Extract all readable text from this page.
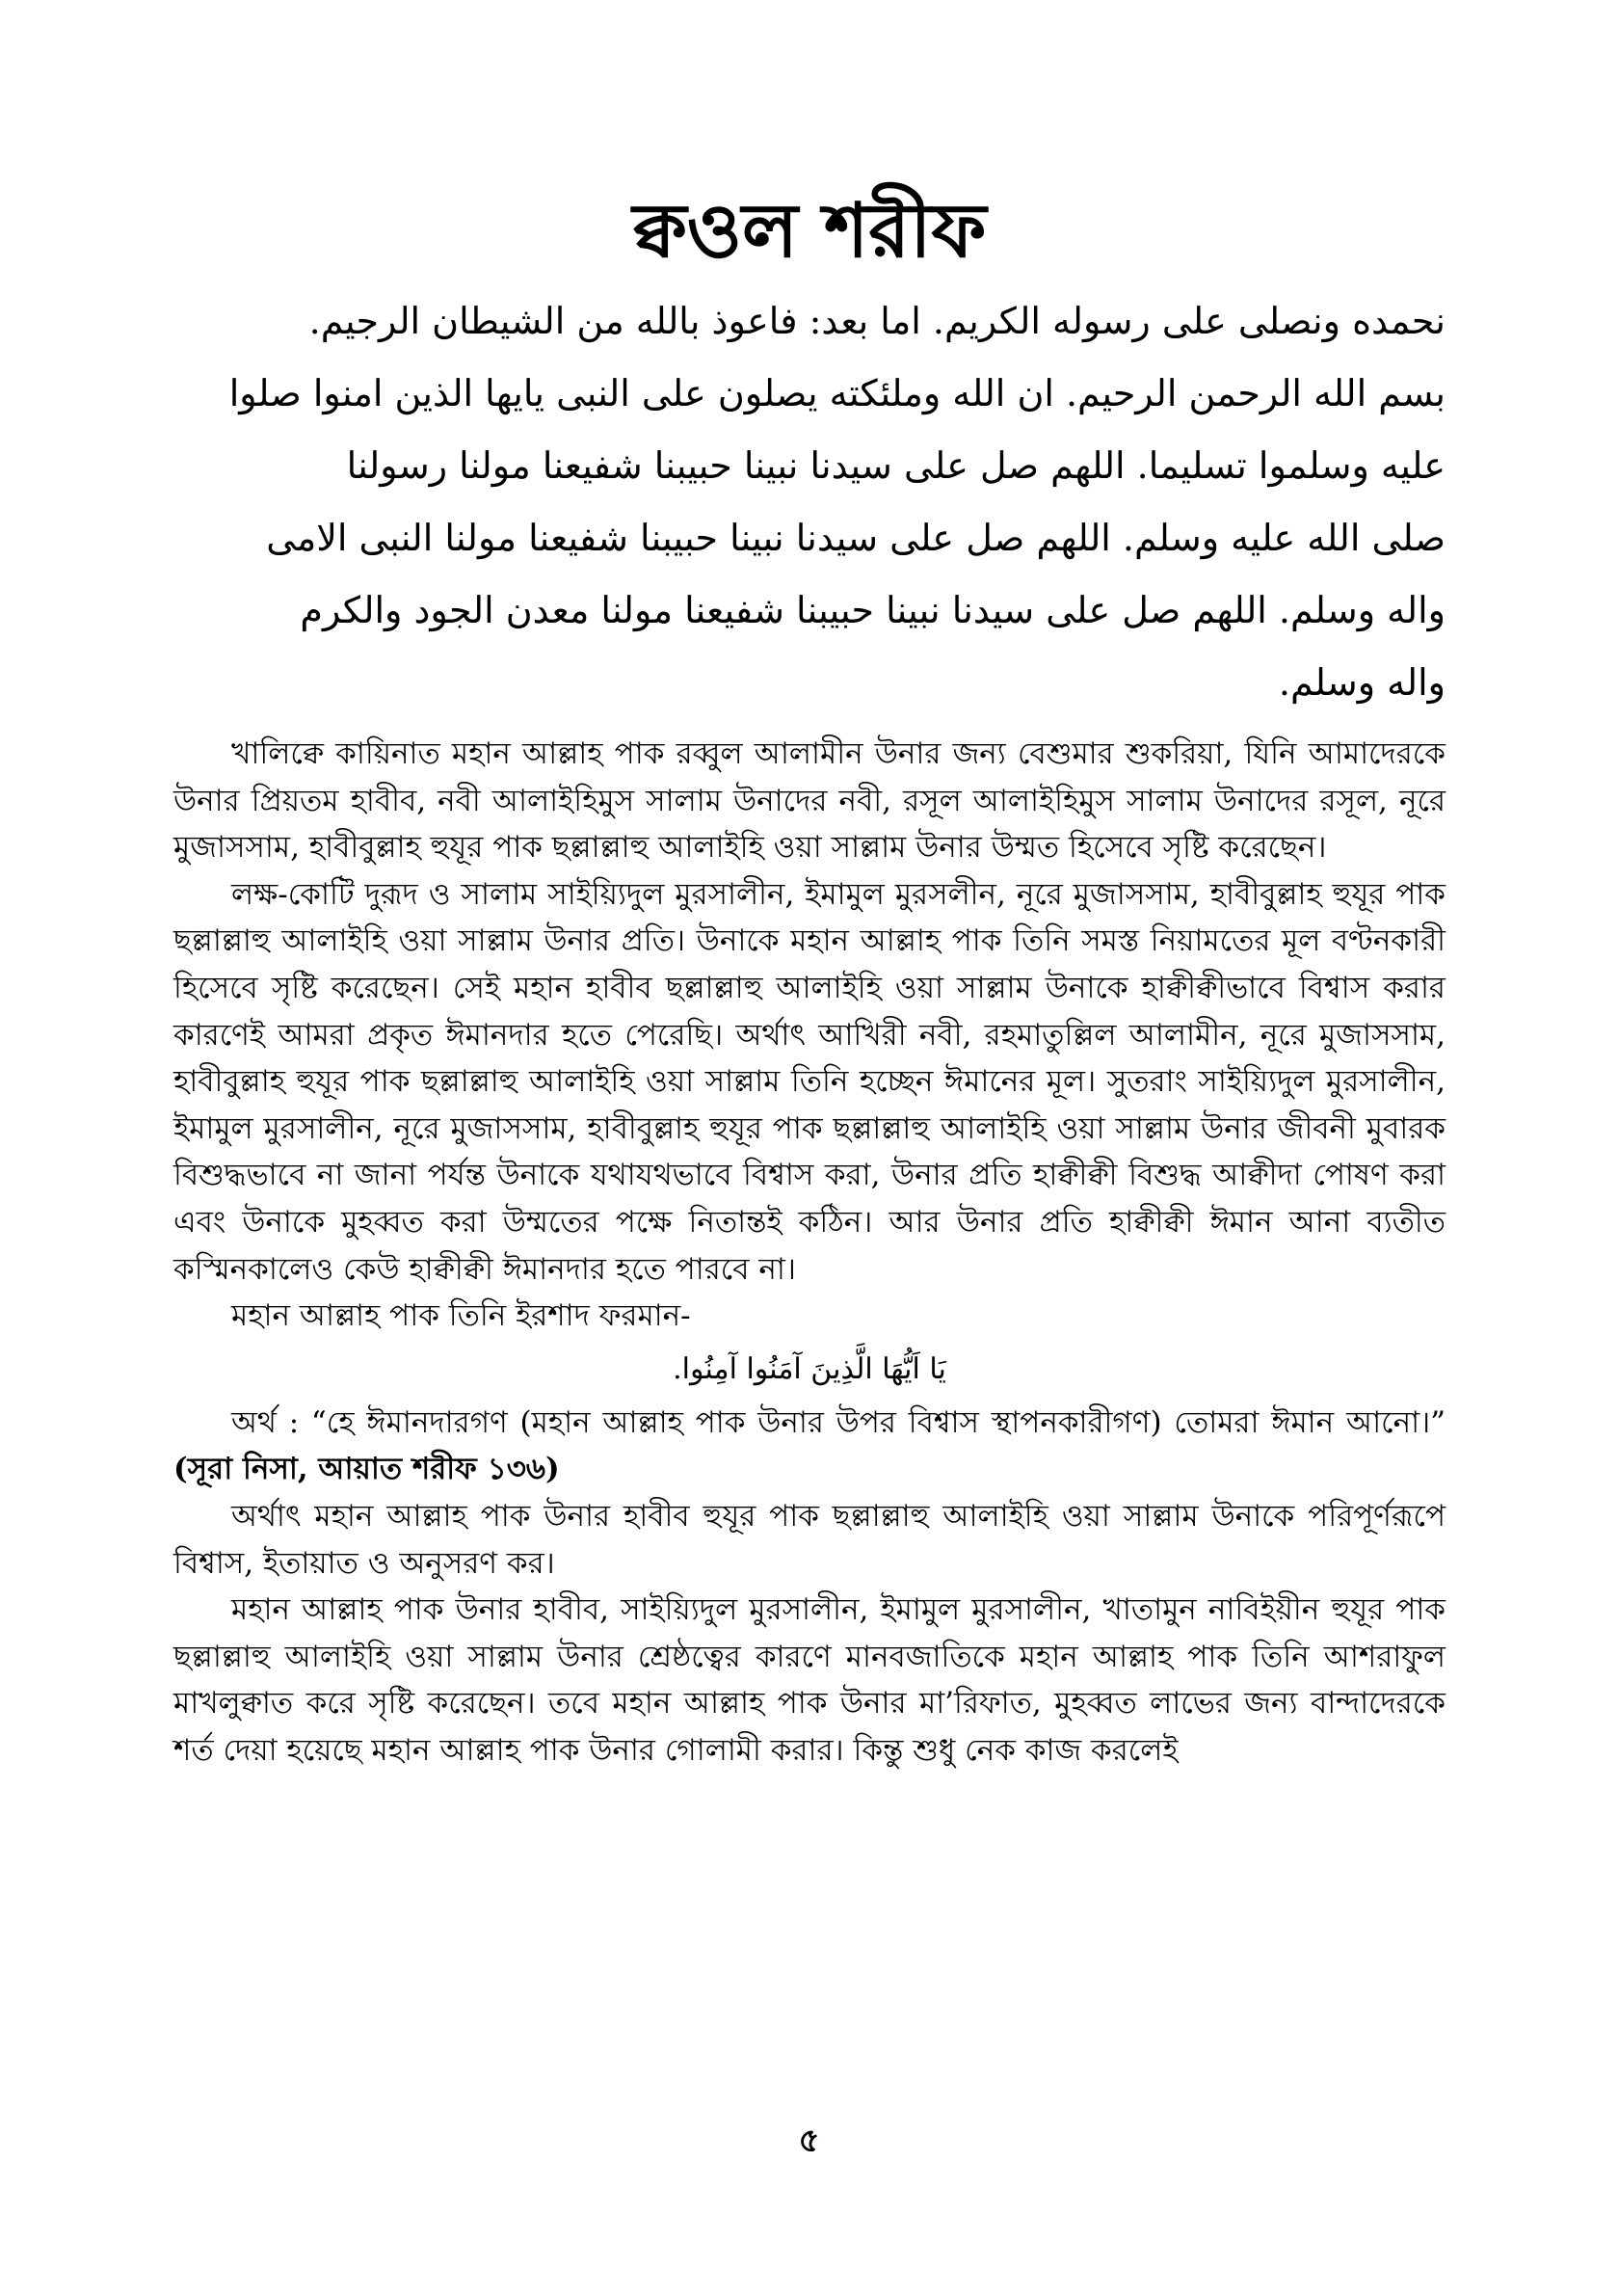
ক্বওল শরীফ
نحمده ونصلى على رسوله الكريم. اما بعد: فاعوذ بالله من الشيطان الرجيم.
بسم الله الرحمن الرحيم. ان الله وملئكته يصلون على النبى يايها الذين امنوا صلوا
عليه وسلموا تسليما. اللهم صل على سيدنا نبينا حبيبنا شفيعنا مولنا رسولنا
صلى الله عليه وسلم. اللهم صل على سيدنا نبينا حبيبنا شفيعنا مولنا النبى الامى
واله وسلم. اللهم صل على سيدنا نبينا حبيبنا شفيعنا مولنا معدن الجود والكرم
واله وسلم.

খালিক্বে কায়িনাত মহান আল্লাহ পাক রব্বুল আলামীন উনার জন্য বেশুমার শুকরিয়া, যিনি আমাদেরকে উনার প্রিয়তম হাবীব, নবী আলাইহিমুস সালাম উনাদের নবী, রসূল আলাইহিমুস সালাম উনাদের রসূল, নূরে মুজাসসাম, হাবীবুল্লাহ হুযূর পাক ছল্লাল্লাহু আলাইহি ওয়া সাল্লাম উনার উম্মত হিসেবে সৃষ্টি করেছেন।

লক্ষ-কোটি দুরূদ ও সালাম সাইয়্যিদুল মুরসালীন, ইমামুল মুরসলীন, নূরে মুজাসসাম, হাবীবুল্লাহ হুযূর পাক ছল্লাল্লাহু আলাইহি ওয়া সাল্লাম উনার প্রতি। উনাকে মহান আল্লাহ পাক তিনি সমস্ত নিয়ামতের মূল বণ্টনকারী হিসেবে সৃষ্টি করেছেন। সেই মহান হাবীব ছল্লাল্লাহু আলাইহি ওয়া সাল্লাম উনাকে হাক্বীক্বীভাবে বিশ্বাস করার কারণেই আমরা প্রকৃত ঈমানদার হতে পেরেছি। অর্থাৎ আখিরী নবী, রহমাতুল্লিল আলামীন, নূরে মুজাসসাম, হাবীবুল্লাহ হুযূর পাক ছল্লাল্লাহু আলাইহি ওয়া সাল্লাম তিনি হচ্ছেন ঈমানের মূল। সুতরাং সাইয়্যিদুল মুরসালীন, ইমামুল মুরসালীন, নূরে মুজাসসাম, হাবীবুল্লাহ হুযূর পাক ছল্লাল্লাহু আলাইহি ওয়া সাল্লাম উনার জীবনী মুবারক বিশুদ্ধভাবে না জানা পর্যন্ত উনাকে যথাযথভাবে বিশ্বাস করা, উনার প্রতি হাক্বীক্বী বিশুদ্ধ আক্বীদা পোষণ করা এবং উনাকে মুহব্বত করা উম্মতের পক্ষে নিতান্তই কঠিন। আর উনার প্রতি হাক্বীক্বী ঈমান আনা ব্যতীত কস্মিনকালেও কেউ হাক্বীক্বী ঈমানদার হতে পারবে না।

মহান আল্লাহ পাক তিনি ইরশাদ ফরমান-

يَا اَيُّهَا الَّذِينَ آمَنُوا آمِنُوا.

অর্থ : “হে ঈমানদারগণ (মহান আল্লাহ পাক উনার উপর বিশ্বাস স্থাপনকারীগণ) তোমরা ঈমান আনো।” (সূরা নিসা, আয়াত শরীফ ১৩৬)

অর্থাৎ মহান আল্লাহ পাক উনার হাবীব হুযূর পাক ছল্লাল্লাহু আলাইহি ওয়া সাল্লাম উনাকে পরিপূর্ণরূপে বিশ্বাস, ইতায়াত ও অনুসরণ কর।

মহান আল্লাহ পাক উনার হাবীব, সাইয়্যিদুল মুরসালীন, ইমামুল মুরসালীন, খাতামুন নাবিইয়ীন হুযূর পাক ছল্লাল্লাহু আলাইহি ওয়া সাল্লাম উনার শ্রেষ্ঠত্বের কারণে মানবজাতিকে মহান আল্লাহ পাক তিনি আশরাফুল মাখলুক্বাত করে সৃষ্টি করেছেন। তবে মহান আল্লাহ পাক উনার মা’রিফাত, মুহব্বত লাভের জন্য বান্দাদেরকে শর্ত দেয়া হয়েছে মহান আল্লাহ পাক উনার গোলামী করার। কিন্তু শুধু নেক কাজ করলেই

৫
